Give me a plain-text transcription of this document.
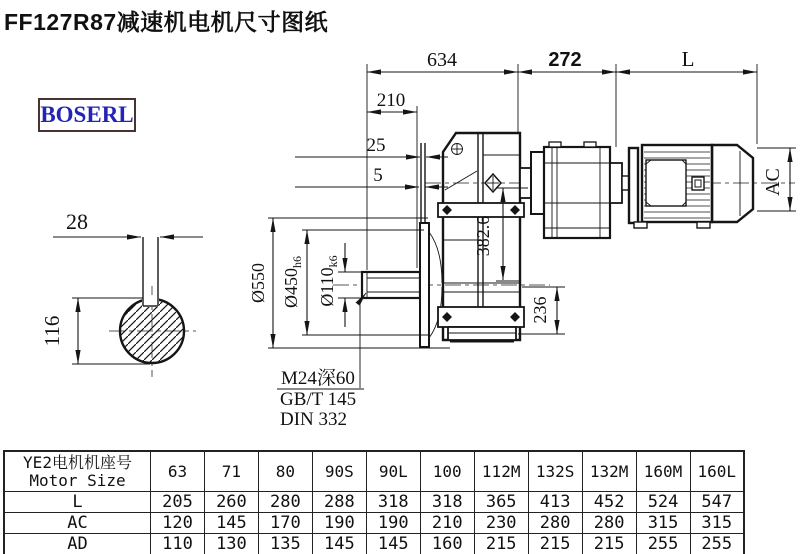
FF127R87减速机电机尺寸图纸
BOSERL
28
116
634	272	L
210
25
5
Ø550 $Ø450_{h6}$
$Ø110_{k6}$
382.6
236
AC
M24深60
GB/T 145
DIN 332
YE2电机机座号
Motor Size	63	71	80	90S	90L	100	112M	132S	132M	160M	160L
L	205	260	280	288	318	318	365	413	452	524	547
AC	120	145	170	190	190	210	230	280	280	315	315
AD	110	130	135	145	145	160	215	215	215	255	255
